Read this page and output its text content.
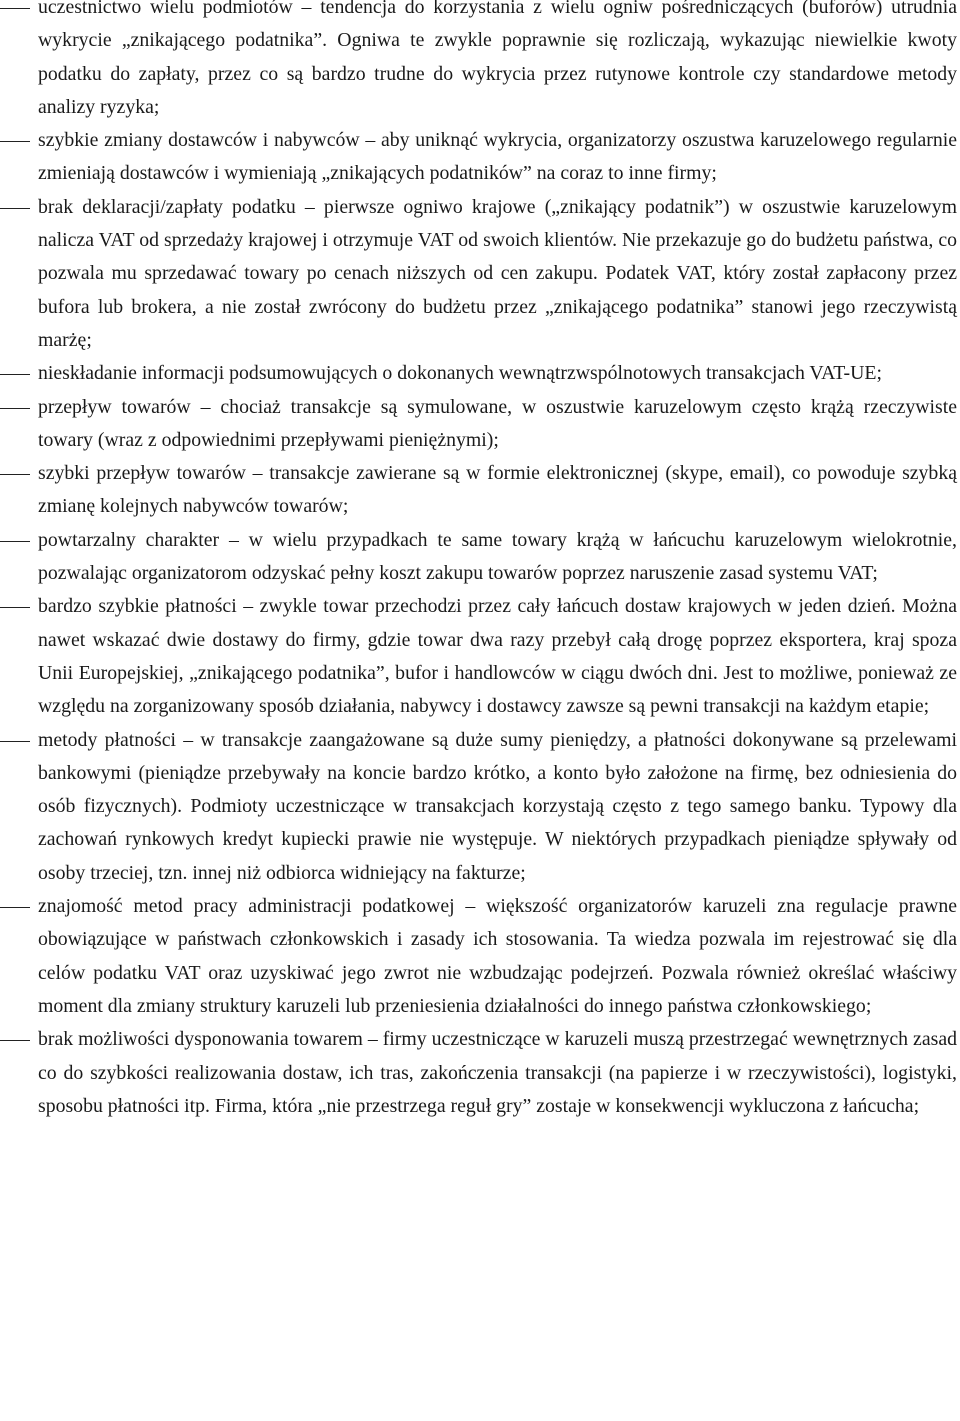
uczestnictwo wielu podmiotów – tendencja do korzystania z wielu ogniw pośredniczących (buforów) utrudnia wykrycie „znikającego podatnika”. Ogniwa te zwykle poprawnie się rozliczają, wykazując niewielkie kwoty podatku do zapłaty, przez co są bardzo trudne do wykrycia przez rutynowe kontrole czy standardowe metody analizy ryzyka;
szybkie zmiany dostawców i nabywców – aby uniknąć wykrycia, organizatorzy oszustwa karuzelowego regularnie zmieniają dostawców i wymieniają „znikających podatników” na coraz to inne firmy;
brak deklaracji/zapłaty podatku – pierwsze ogniwo krajowe („znikający podatnik”) w oszustwie karuzelowym nalicza VAT od sprzedaży krajowej i otrzymuje VAT od swoich klientów. Nie przekazuje go do budżetu państwa, co pozwala mu sprzedawać towary po cenach niższych od cen zakupu. Podatek VAT, który został zapłacony przez bufora lub brokera, a nie został zwrócony do budżetu przez „znikającego podatnika” stanowi jego rzeczywistą marżę;
nieskładanie informacji podsumowujących o dokonanych wewnątrzwspólnotowych transakcjach VAT-UE;
przepływ towarów – chociaż transakcje są symulowane, w oszustwie karuzelowym często krążą rzeczywiste towary (wraz z odpowiednimi przepływami pieniężnymi);
szybki przepływ towarów – transakcje zawierane są w formie elektronicznej (skype, email), co powoduje szybką zmianę kolejnych nabywców towarów;
powtarzalny charakter – w wielu przypadkach te same towary krążą w łańcuchu karuzelowym wielokrotnie, pozwalając organizatorom odzyskać pełny koszt zakupu towarów poprzez naruszenie zasad systemu VAT;
bardzo szybkie płatności – zwykle towar przechodzi przez cały łańcuch dostaw krajowych w jeden dzień. Można nawet wskazać dwie dostawy do firmy, gdzie towar dwa razy przebył całą drogę poprzez eksportera, kraj spoza Unii Europejskiej, „znikającego podatnika”, bufor i handlowców w ciągu dwóch dni. Jest to możliwe, ponieważ ze względu na zorganizowany sposób działania, nabywcy i dostawcy zawsze są pewni transakcji na każdym etapie;
metody płatności – w transakcje zaangażowane są duże sumy pieniędzy, a płatności dokonywane są przelewami bankowymi (pieniądze przebywały na koncie bardzo krótko, a konto było założone na firmę, bez odniesienia do osób fizycznych). Podmioty uczestniczące w transakcjach korzystają często z tego samego banku. Typowy dla zachowań rynkowych kredyt kupiecki prawie nie występuje. W niektórych przypadkach pieniądze spływały od osoby trzeciej, tzn. innej niż odbiorca widniejący na fakturze;
znajomość metod pracy administracji podatkowej – większość organizatorów karuzeli zna regulacje prawne obowiązujące w państwach członkowskich i zasady ich stosowania. Ta wiedza pozwala im rejestrować się dla celów podatku VAT oraz uzyskiwać jego zwrot nie wzbudzając podejrzeń. Pozwala również określać właściwy moment dla zmiany struktury karuzeli lub przeniesienia działalności do innego państwa członkowskiego;
brak możliwości dysponowania towarem – firmy uczestniczące w karuzeli muszą przestrzegać wewnętrznych zasad co do szybkości realizowania dostaw, ich tras, zakończenia transakcji (na papierze i w rzeczywistości), logistyki, sposobu płatności itp. Firma, która „nie przestrzega reguł gry” zostaje w konsekwencji wykluczona z łańcucha;
